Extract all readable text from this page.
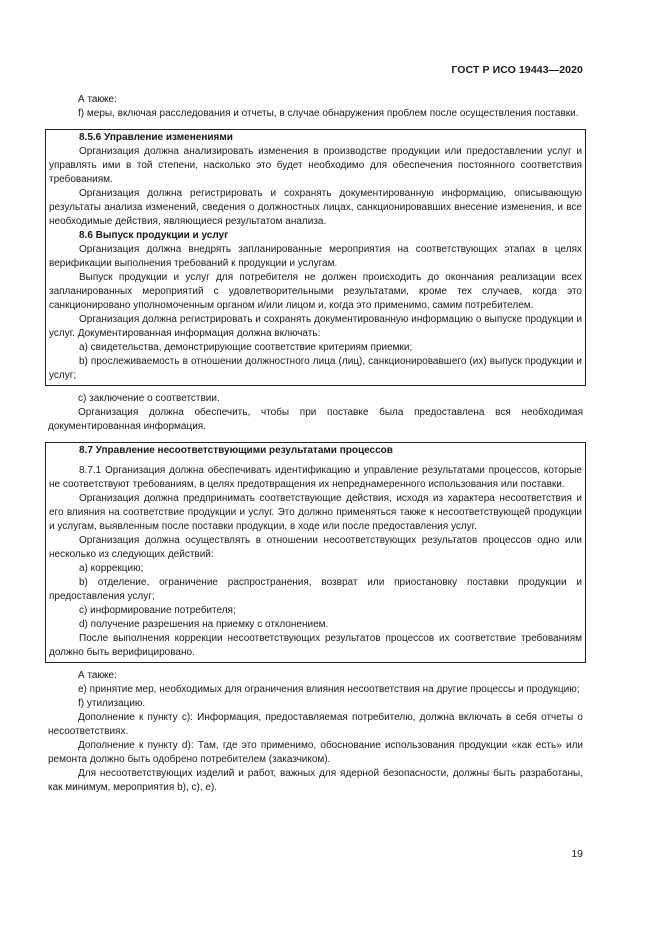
ГОСТ Р ИСО 19443—2020

А также:

f) меры, включая расследования и отчеты, в случае обнаружения проблем после осуществления поставки.

8.5.6 Управление изменениями

Организация должна анализировать изменения в производстве продукции или предоставлении услуг и управлять ими в той степени, насколько это будет необходимо для обеспечения постоянного соответствия требованиям.

Организация должна регистрировать и сохранять документированную информацию, описывающую результаты анализа изменений, сведения о должностных лицах, санкционировавших внесение изменения, и все необходимые действия, являющиеся результатом анализа.

8.6 Выпуск продукции и услуг

Организация должна внедрять запланированные мероприятия на соответствующих этапах в целях верификации выполнения требований к продукции и услугам.

Выпуск продукции и услуг для потребителя не должен происходить до окончания реализации всех запланированных мероприятий с удовлетворительными результатами, кроме тех случаев, когда это санкционировано уполномоченным органом и/или лицом и, когда это применимо, самим потребителем.

Организация должна регистрировать и сохранять документированную информацию о выпуске продукции и услуг. Документированная информация должна включать:

а) свидетельства, демонстрирующие соответствие критериям приемки;

b) прослеживаемость в отношении должностного лица (лиц), санкционировавшего (их) выпуск продукции и услуг;

с) заключение о соответствии.

Организация должна обеспечить, чтобы при поставке была предоставлена вся необходимая документированная информация.

8.7 Управление несоответствующими результатами процессов

8.7.1 Организация должна обеспечивать идентификацию и управление результатами процессов, которые не соответствуют требованиям, в целях предотвращения их непреднамеренного использования или поставки.

Организация должна предпринимать соответствующие действия, исходя из характера несоответствия и его влияния на соответствие продукции и услуг. Это должно применяться также к несоответствующей продукции и услугам, выявленным после поставки продукции, в ходе или после предоставления услуг.

Организация должна осуществлять в отношении несоответствующих результатов процессов одно или несколько из следующих действий:

а) коррекцию;

b) отделение, ограничение распространения, возврат или приостановку поставки продукции и предоставления услуг;

с) информирование потребителя;

d) получение разрешения на приемку с отклонением.

После выполнения коррекции несоответствующих результатов процессов их соответствие требованиям должно быть верифицировано.

А также:

е) принятие мер, необходимых для ограничения влияния несоответствия на другие процессы и продукцию;

f) утилизацию.

Дополнение к пункту с): Информация, предоставляемая потребителю, должна включать в себя отчеты о несоответствиях.

Дополнение к пункту d): Там, где это применимо, обоснование использования продукции «как есть» или ремонта должно быть одобрено потребителем (заказчиком).

Для несоответствующих изделий и работ, важных для ядерной безопасности, должны быть разработаны, как минимум, мероприятия b), с), е).

19
